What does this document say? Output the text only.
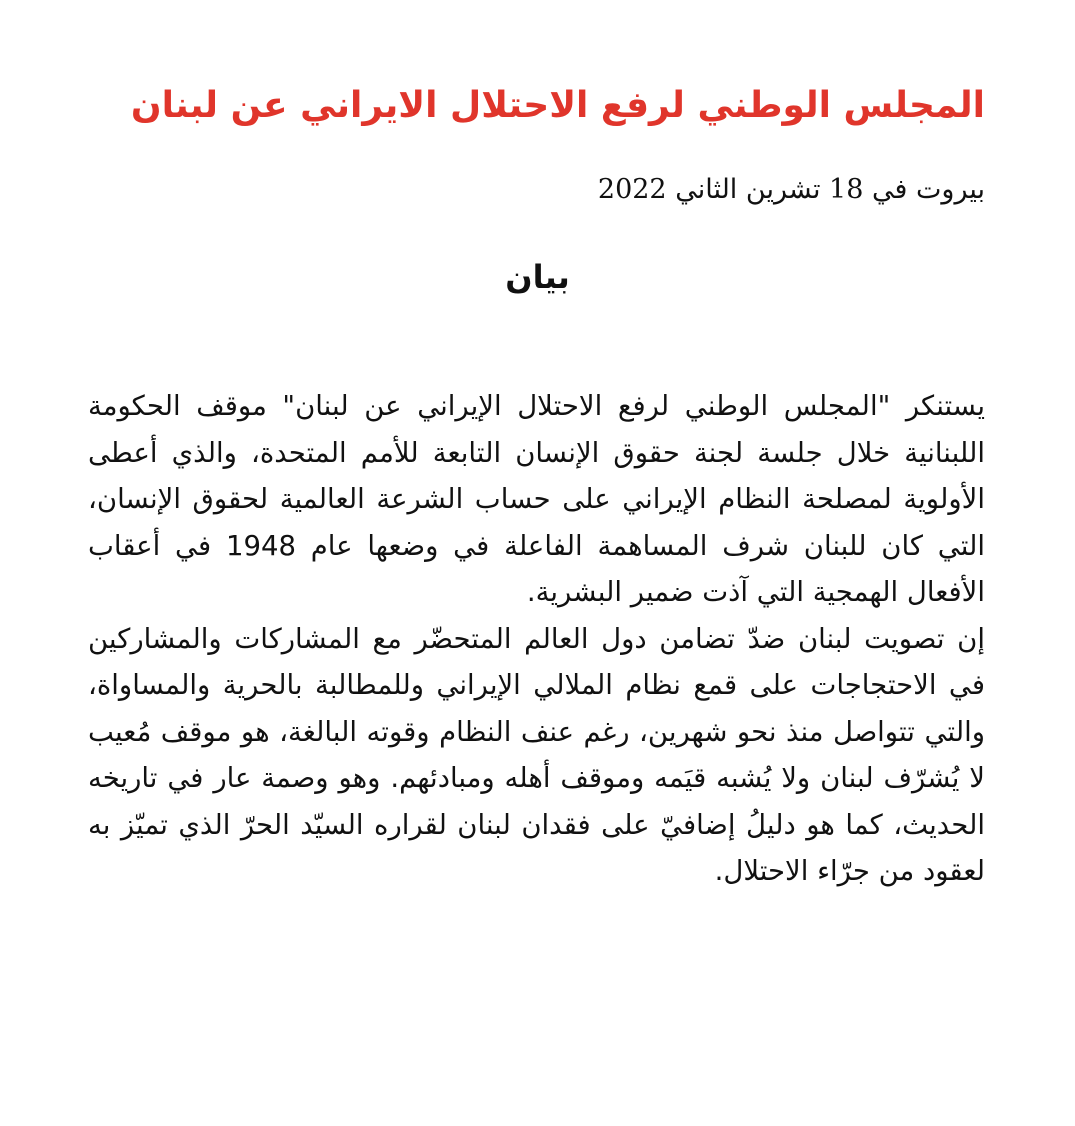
المجلس الوطني لرفع الاحتلال الايراني عن لبنان
بيروت في 18 تشرين الثاني 2022
بيان

يستنكر "المجلس الوطني لرفع الاحتلال الإيراني عن لبنان" موقف الحكومة اللبنانية خلال جلسة لجنة حقوق الإنسان التابعة للأمم المتحدة، والذي أعطى الأولوية لمصلحة النظام الإيراني على حساب الشرعة العالمية لحقوق الإنسان، التي كان للبنان شرف المساهمة الفاعلة في وضعها عام 1948 في أعقاب الأفعال الهمجية التي آذت ضمير البشرية.

إن تصويت لبنان ضدّ تضامن دول العالم المتحضّر مع المشاركات والمشاركين في الاحتجاجات على قمع نظام الملالي الإيراني وللمطالبة بالحرية والمساواة، والتي تتواصل منذ نحو شهرين، رغم عنف النظام وقوته البالغة، هو موقف مُعيب لا يُشرّف لبنان ولا يُشبه قيَمه وموقف أهله ومبادئهم. وهو وصمة عار في تاريخه الحديث، كما هو دليلُ إضافيّ على فقدان لبنان لقراره السيّد الحرّ الذي تميّز به لعقود من جرّاء الاحتلال.
